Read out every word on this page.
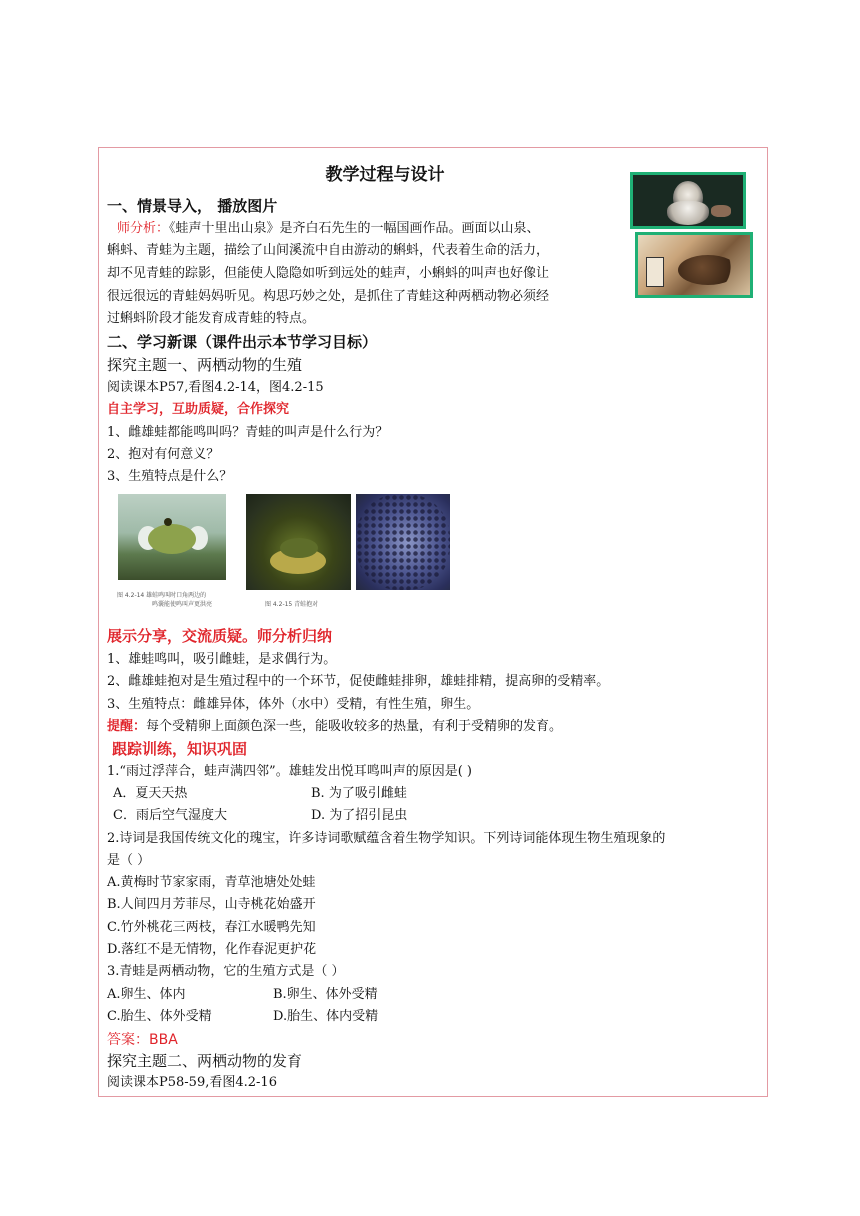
教学过程与设计
一、情景导入， 播放图片
师分析：《蛙声十里出山泉》是齐白石先生的一幅国画作品。画面以山泉、
蝌蚪、青蛙为主题，描绘了山间溪流中自由游动的蝌蚪，代表着生命的活力，
却不见青蛙的踪影，但能使人隐隐如听到远处的蛙声，小蝌蚪的叫声也好像让
很远很远的青蛙妈妈听见。构思巧妙之处，是抓住了青蛙这种两栖动物必须经
过蝌蚪阶段才能发育成青蛙的特点。
二、学习新课（课件出示本节学习目标）
探究主题一、两栖动物的生殖
阅读课本P57,看图4.2-14，图4.2-15
自主学习，互助质疑，合作探究
1、雌雄蛙都能鸣叫吗？青蛙的叫声是什么行为？
2、抱对有何意义？
3、生殖特点是什么？
图 4.2-14 雄蛙鸣叫时口角两边的
鸣囊能使鸣叫声更洪亮	图 4.2-15 青蛙抱对
展示分享，交流质疑。师分析归纳
1、雄蛙鸣叫，吸引雌蛙，是求偶行为。
2、雌雄蛙抱对是生殖过程中的一个环节，促使雌蛙排卵，雄蛙排精，提高卵的受精率。
3、生殖特点：雌雄异体，体外（水中）受精，有性生殖，卵生。
提醒：每个受精卵上面颜色深一些，能吸收较多的热量，有利于受精卵的发育。
跟踪训练，知识巩固
1.“雨过浮萍合，蛙声满四邻”。雄蛙发出悦耳鸣叫声的原因是( )
A．夏天天热	B. 为了吸引雌蛙
C．雨后空气湿度大	D. 为了招引昆虫
2.诗词是我国传统文化的瑰宝，许多诗词歌赋蕴含着生物学知识。下列诗词能体现生物生殖现象的
是（ ）
A.黄梅时节家家雨，青草池塘处处蛙
B.人间四月芳菲尽，山寺桃花始盛开
C.竹外桃花三两枝，春江水暖鸭先知
D.落红不是无情物，化作春泥更护花
3.青蛙是两栖动物，它的生殖方式是（ ）
A.卵生、体内	B.卵生、体外受精
C.胎生、体外受精	D.胎生、体内受精
答案：BBA
探究主题二、两栖动物的发育
阅读课本P58-59,看图4.2-16
